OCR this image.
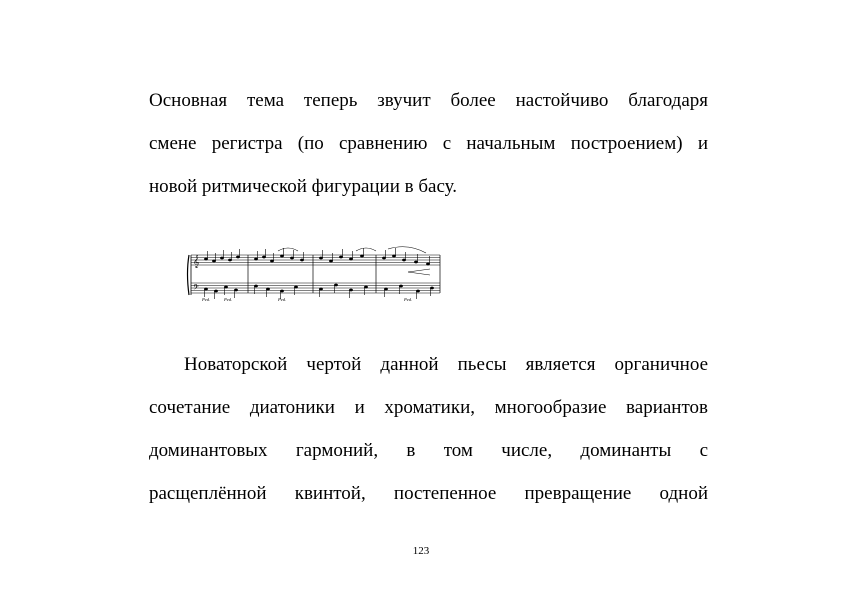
Основная тема теперь звучит более настойчиво благодаря
смене регистра (по сравнению с начальным построением) и
новой ритмической фигурации в басу.
𝄞
𝄢
Ped.	Ped.	Ped.	Ped.
Новаторской чертой данной пьесы является органичное
сочетание диатоники и хроматики, многообразие вариантов
доминантовых гармоний, в том числе, доминанты с
расщеплённой квинтой, постепенное превращение одной
123
